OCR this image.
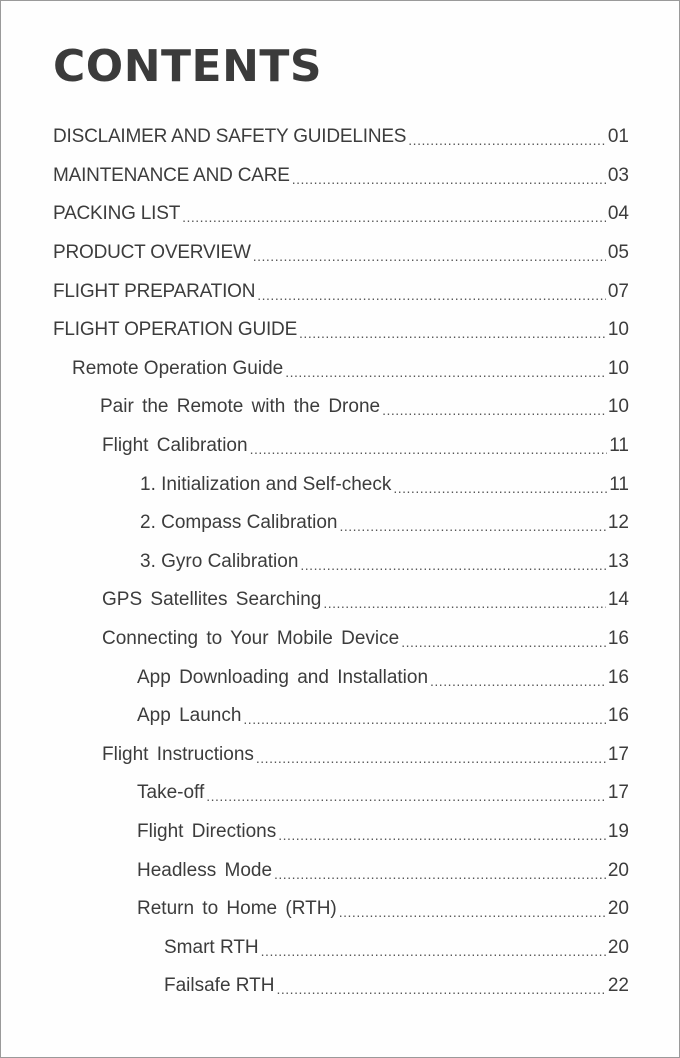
CONTENTS
DISCLAIMER AND SAFETY GUIDELINES .....	01
MAINTENANCE AND CARE .....	03
PACKING LIST .....	04
PRODUCT OVERVIEW .....	05
FLIGHT PREPARATION .....	07
FLIGHT OPERATION GUIDE .....	10
Remote Operation Guide .....	10
Pair the Remote with the Drone .....	10
Flight Calibration .....	11
1. Initialization and Self-check .....	11
2. Compass Calibration .....	12
3. Gyro Calibration .....	13
GPS Satellites Searching .....	14
Connecting to Your Mobile Device .....	16
App Downloading and Installation .....	16
App Launch .....	16
Flight Instructions .....	17
Take-off .....	17
Flight Directions .....	19
Headless Mode .....	20
Return to Home (RTH) .....	20
Smart RTH .....	20
Failsafe RTH .....	22
